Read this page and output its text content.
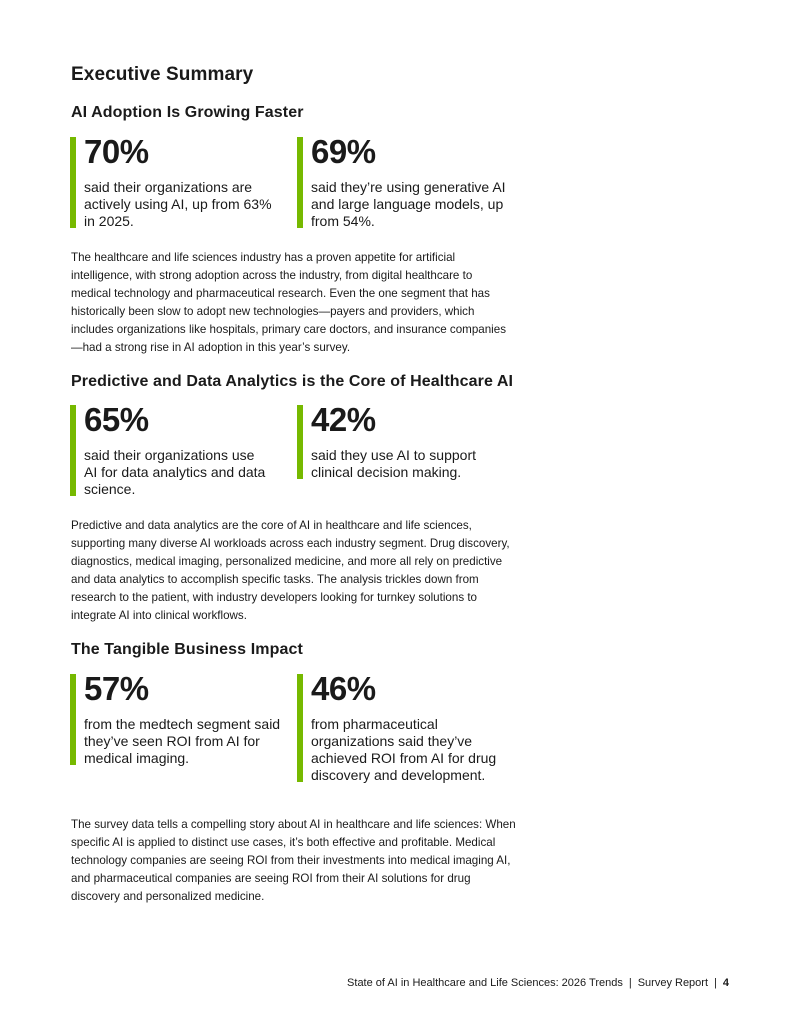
Executive Summary
AI Adoption Is Growing Faster
70%
said their organizations are actively using AI, up from 63% in 2025.
69%
said they’re using generative AI and large language models, up from 54%.

The healthcare and life sciences industry has a proven appetite for artificial intelligence, with strong adoption across the industry, from digital healthcare to medical technology and pharmaceutical research. Even the one segment that has historically been slow to adopt new technologies—payers and providers, which includes organizations like hospitals, primary care doctors, and insurance companies—had a strong rise in AI adoption in this year’s survey.

Predictive and Data Analytics is the Core of Healthcare AI
65%
said their organizations use AI for data analytics and data science.
42%
said they use AI to support clinical decision making.

Predictive and data analytics are the core of AI in healthcare and life sciences, supporting many diverse AI workloads across each industry segment. Drug discovery, diagnostics, medical imaging, personalized medicine, and more all rely on predictive and data analytics to accomplish specific tasks. The analysis trickles down from research to the patient, with industry developers looking for turnkey solutions to integrate AI into clinical workflows.

The Tangible Business Impact
57%
from the medtech segment said they’ve seen ROI from AI for medical imaging.
46%
from pharmaceutical organizations said they’ve achieved ROI from AI for drug discovery and development.

The survey data tells a compelling story about AI in healthcare and life sciences: When specific AI is applied to distinct use cases, it’s both effective and profitable. Medical technology companies are seeing ROI from their investments into medical imaging AI, and pharmaceutical companies are seeing ROI from their AI solutions for drug discovery and personalized medicine.

State of AI in Healthcare and Life Sciences: 2026 Trends | Survey Report | 4
